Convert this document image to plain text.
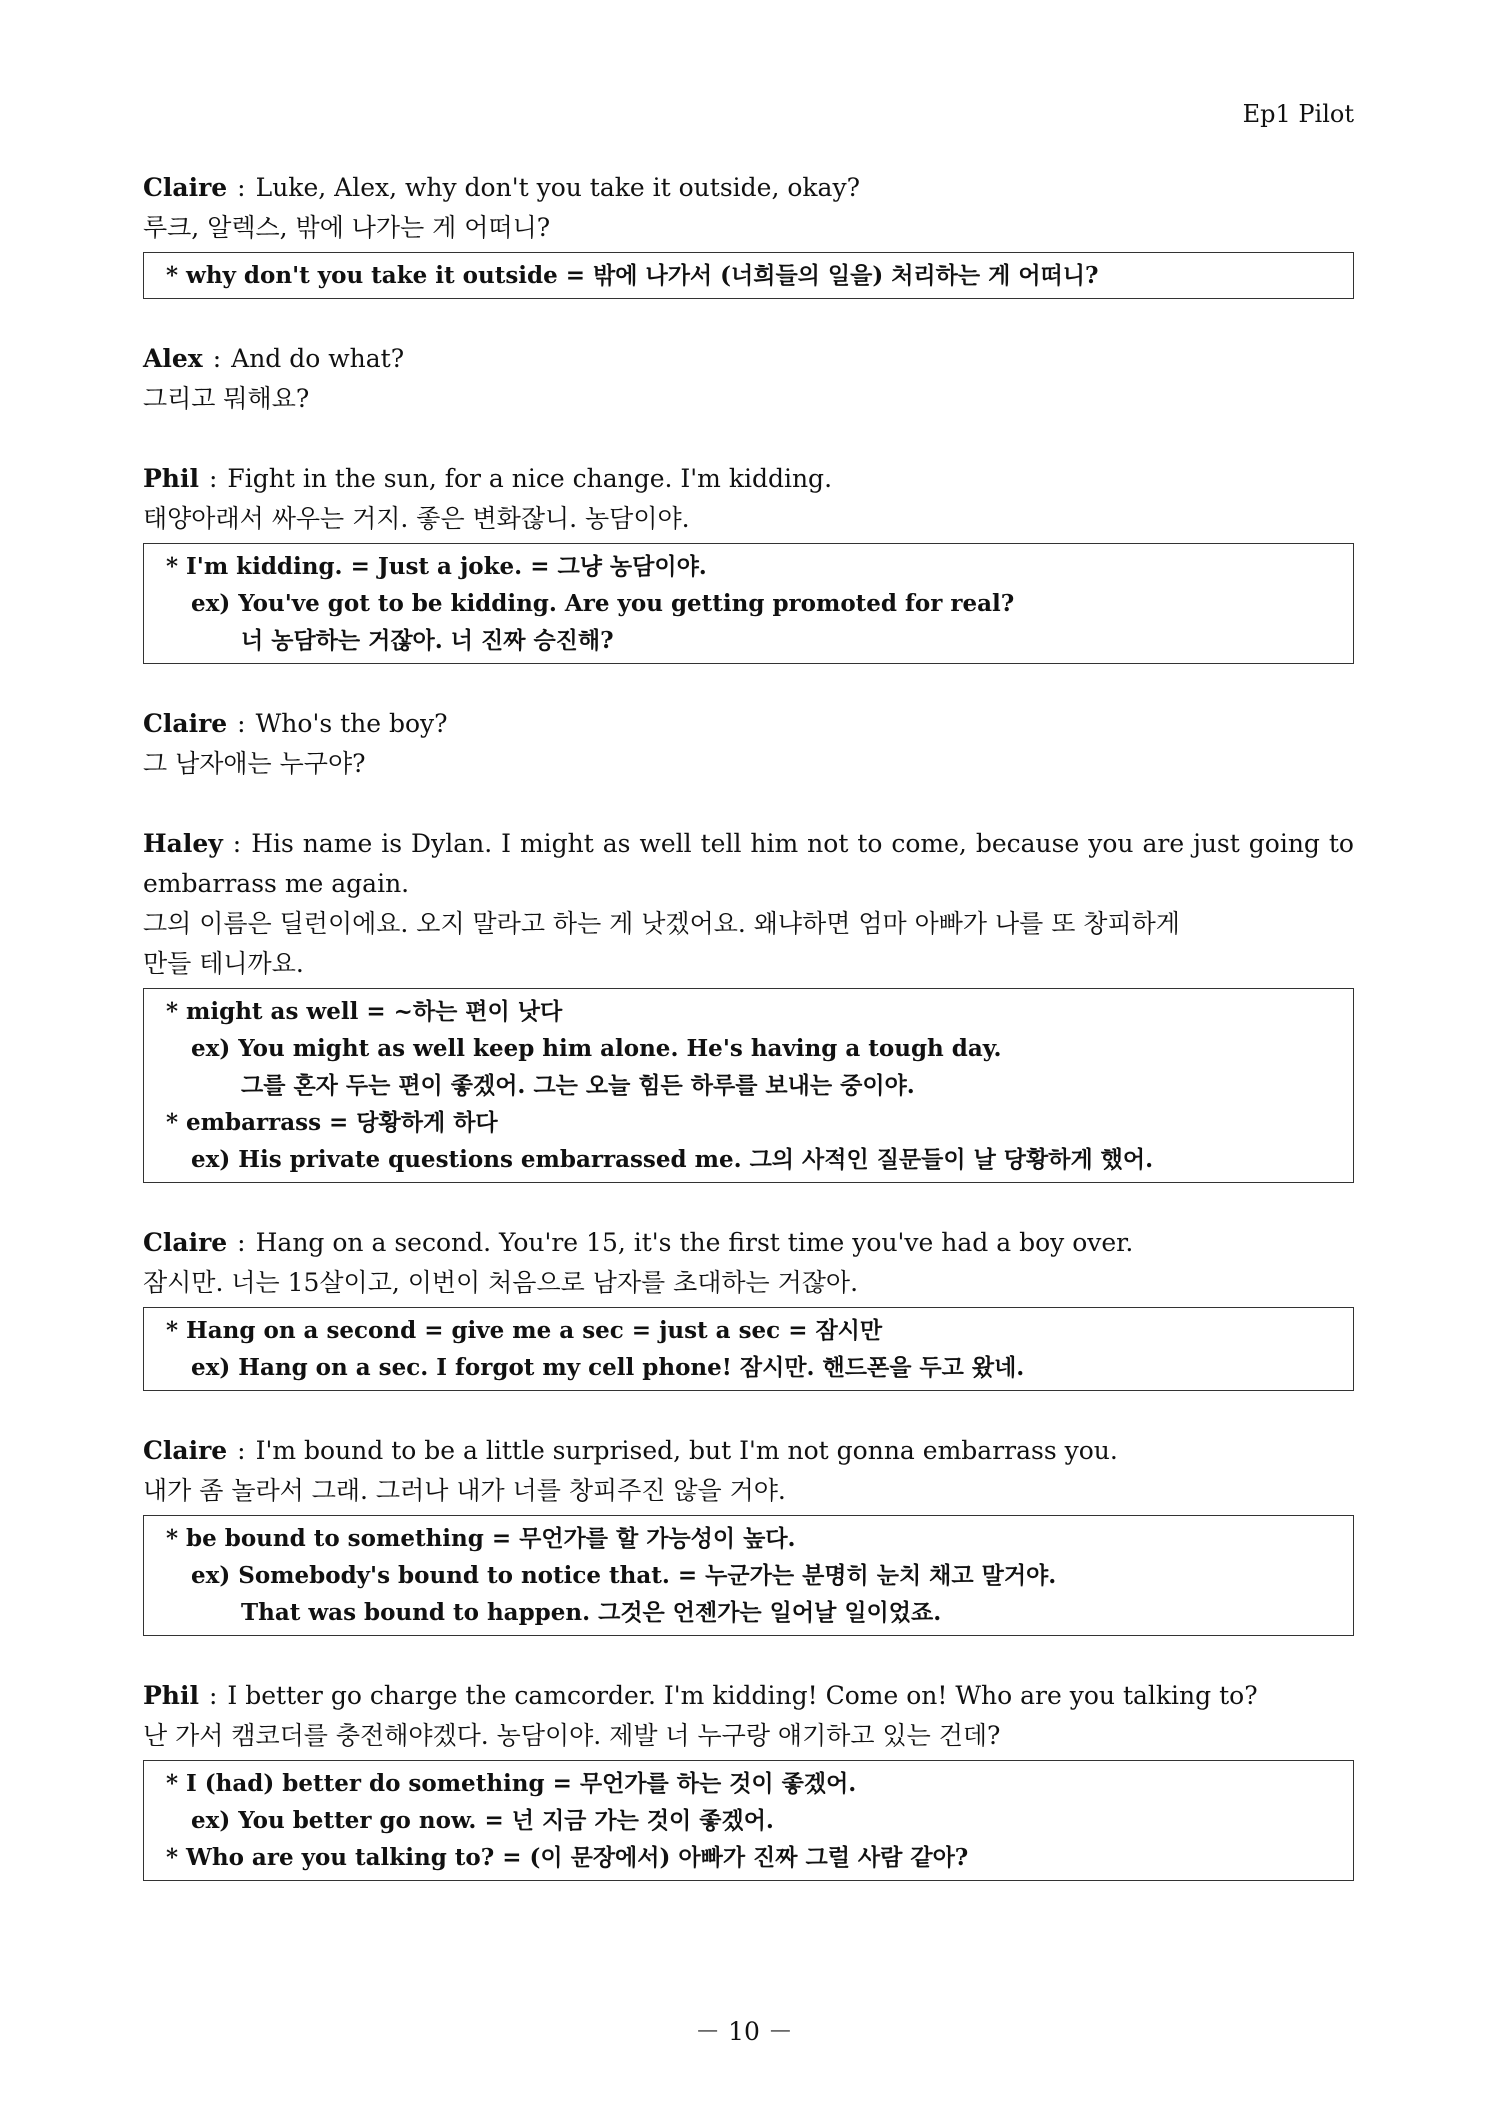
Ep1 Pilot

Claire : Luke, Alex, why don't you take it outside, okay?

루크, 알렉스, 밖에 나가는 게 어떠니?

* why don't you take it outside = 밖에 나가서 (너희들의 일을) 처리하는 게 어떠니?

Alex : And do what?

그리고 뭐해요?

Phil : Fight in the sun, for a nice change. I'm kidding.

태양아래서 싸우는 거지. 좋은 변화잖니. 농담이야.

* I'm kidding. = Just a joke. = 그냥 농담이야.
ex) You've got to be kidding. Are you getting promoted for real?
너 농담하는 거잖아. 너 진짜 승진해?

Claire : Who's the boy?

그 남자애는 누구야?

Haley : His name is Dylan. I might as well tell him not to come, because you are just going to embarrass me again.

그의 이름은 딜런이에요. 오지 말라고 하는 게 낫겠어요. 왜냐하면 엄마 아빠가 나를 또 창피하게 만들 테니까요.

* might as well = ~하는 편이 낫다
ex) You might as well keep him alone. He's having a tough day.
그를 혼자 두는 편이 좋겠어. 그는 오늘 힘든 하루를 보내는 중이야.
* embarrass = 당황하게 하다
ex) His private questions embarrassed me. 그의 사적인 질문들이 날 당황하게 했어.

Claire : Hang on a second. You're 15, it's the first time you've had a boy over.

잠시만. 너는 15살이고, 이번이 처음으로 남자를 초대하는 거잖아.

* Hang on a second = give me a sec = just a sec = 잠시만
ex) Hang on a sec. I forgot my cell phone! 잠시만. 핸드폰을 두고 왔네.

Claire : I'm bound to be a little surprised, but I'm not gonna embarrass you.

내가 좀 놀라서 그래. 그러나 내가 너를 창피주진 않을 거야.

* be bound to something = 무언가를 할 가능성이 높다.
ex) Somebody's bound to notice that. = 누군가는 분명히 눈치 채고 말거야.
That was bound to happen. 그것은 언젠가는 일어날 일이었죠.

Phil : I better go charge the camcorder. I'm kidding! Come on! Who are you talking to?

난 가서 캠코더를 충전해야겠다. 농담이야. 제발 너 누구랑 얘기하고 있는 건데?

* I (had) better do something = 무언가를 하는 것이 좋겠어.
ex) You better go now. = 넌 지금 가는 것이 좋겠어.
* Who are you talking to? = (이 문장에서) 아빠가 진짜 그럴 사람 같아?
－ 10 －
